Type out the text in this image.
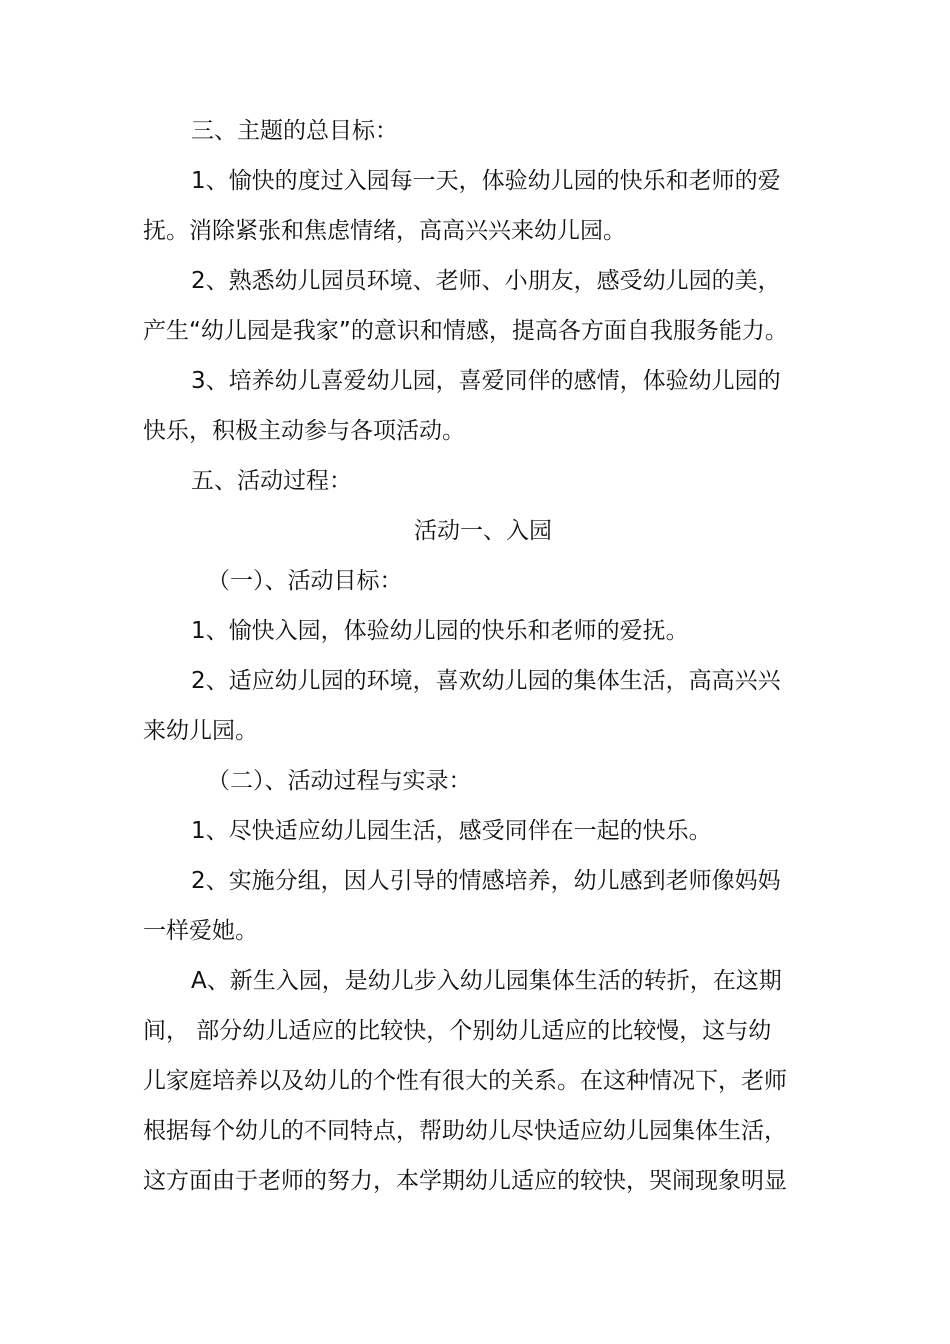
三、主题的总目标：
1、愉快的度过入园每一天，体验幼儿园的快乐和老师的爱
抚。消除紧张和焦虑情绪，高高兴兴来幼儿园。
2、熟悉幼儿园员环境、老师、小朋友，感受幼儿园的美，
产生“幼儿园是我家”的意识和情感，提高各方面自我服务能力。
3、培养幼儿喜爱幼儿园，喜爱同伴的感情，体验幼儿园的
快乐，积极主动参与各项活动。
五、活动过程：
活动一、入园
（一）、活动目标：
1、愉快入园，体验幼儿园的快乐和老师的爱抚。
2、适应幼儿园的环境，喜欢幼儿园的集体生活，高高兴兴
来幼儿园。
（二）、活动过程与实录：
1、尽快适应幼儿园生活，感受同伴在一起的快乐。
2、实施分组，因人引导的情感培养，幼儿感到老师像妈妈
一样爱她。
A、新生入园，是幼儿步入幼儿园集体生活的转折，在这期
间， 部分幼儿适应的比较快，个别幼儿适应的比较慢，这与幼
儿家庭培养以及幼儿的个性有很大的关系。在这种情况下，老师
根据每个幼儿的不同特点，帮助幼儿尽快适应幼儿园集体生活，
这方面由于老师的努力，本学期幼儿适应的较快，哭闹现象明显
